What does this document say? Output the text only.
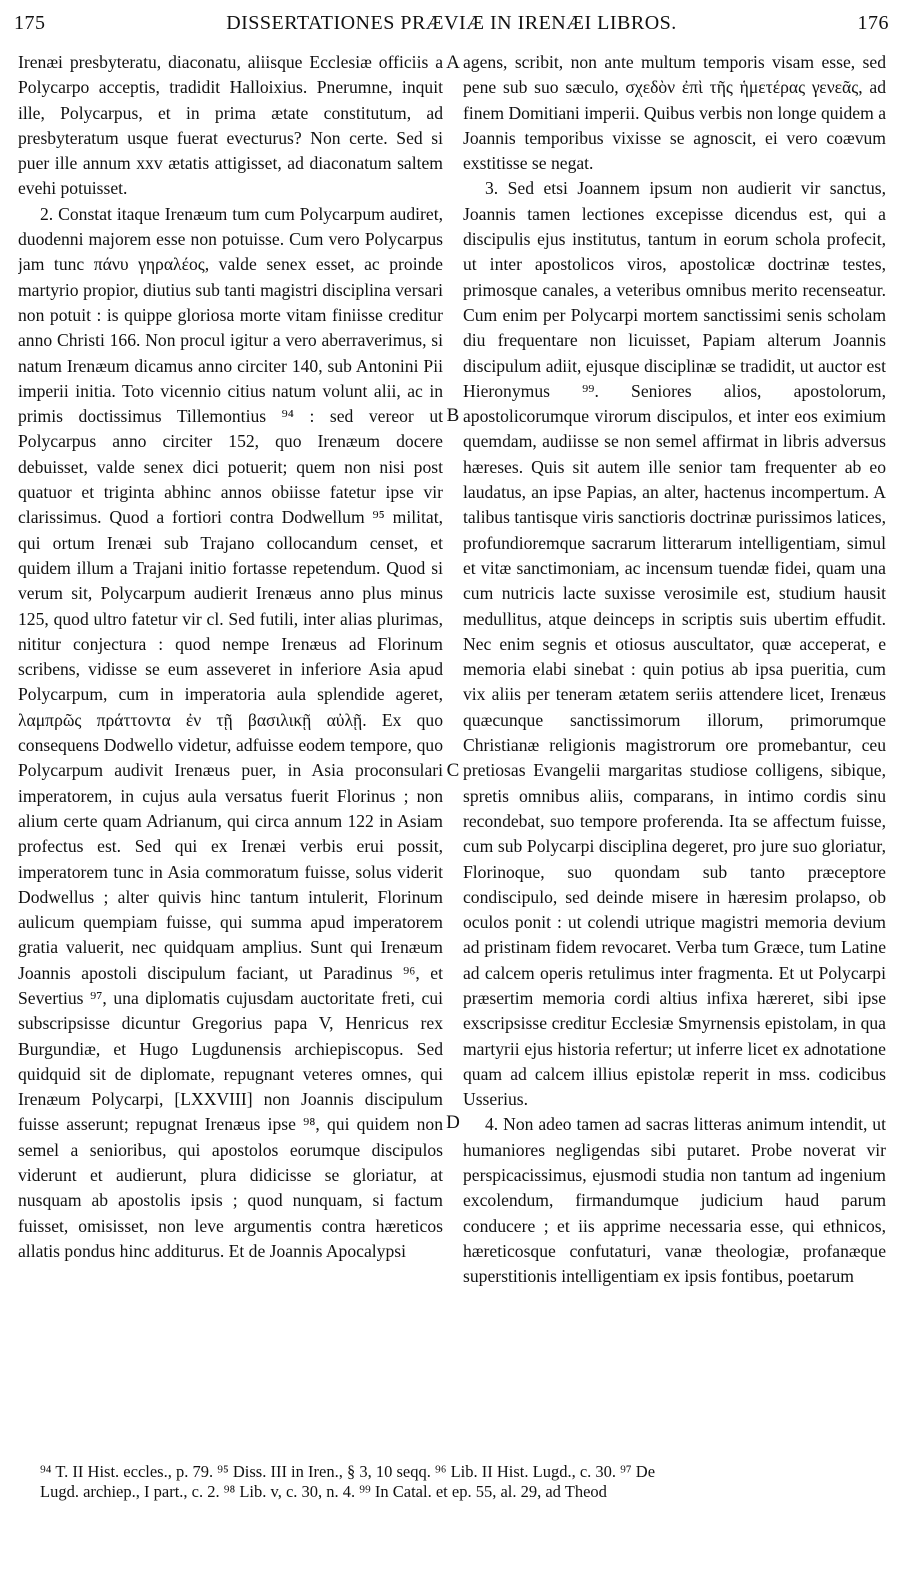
175	DISSERTATIONES PRÆVIÆ IN IRENÆI LIBROS.	176

Irenæi presbyteratu, diaconatu, aliisque Ecclesiæ officiis a Polycarpo acceptis, tradidit Halloixius. Pnerumne, inquit ille, Polycarpus, et in prima ætate constitutum, ad presbyteratum usque fuerat evecturus? Non certe. Sed si puer ille annum xxv ætatis attigisset, ad diaconatum saltem evehi potuisset.

2. Constat itaque Irenæum tum cum Polycarpum audiret, duodenni majorem esse non potuisse. Cum vero Polycarpus jam tunc πάνυ γηραλέος, valde senex esset, ac proinde martyrio propior, diutius sub tanti magistri disciplina versari non potuit : is quippe gloriosa morte vitam finiisse creditur anno Christi 166. Non procul igitur a vero aberraverimus, si natum Irenæum dicamus anno circiter 140, sub Antonini Pii imperii initia. Toto vicennio citius natum volunt alii, ac in primis doctissimus Tillemontius ⁹⁴ : sed vereor ut Polycarpus anno circiter 152, quo Irenæum docere debuisset, valde senex dici potuerit; quem non nisi post quatuor et triginta abhinc annos obiisse fatetur ipse vir clarissimus. Quod a fortiori contra Dodwellum ⁹⁵ militat, qui ortum Irenæi sub Trajano collocandum censet, et quidem illum a Trajani initio fortasse repetendum. Quod si verum sit, Polycarpum audierit Irenæus anno plus minus 125, quod ultro fatetur vir cl. Sed futili, inter alias plurimas, nititur conjectura : quod nempe Irenæus ad Florinum scribens, vidisse se eum asseveret in inferiore Asia apud Polycarpum, cum in imperatoria aula splendide ageret, λαμπρῶς πράττοντα ἐν τῇ βασιλικῇ αὐλῇ. Ex quo consequens Dodwello videtur, adfuisse eodem tempore, quo Polycarpum audivit Irenæus puer, in Asia proconsulari imperatorem, in cujus aula versatus fuerit Florinus ; non alium certe quam Adrianum, qui circa annum 122 in Asiam profectus est. Sed qui ex Irenæi verbis erui possit, imperatorem tunc in Asia commoratum fuisse, solus viderit Dodwellus ; alter quivis hinc tantum intulerit, Florinum aulicum quempiam fuisse, qui summa apud imperatorem gratia valuerit, nec quidquam amplius. Sunt qui Irenæum Joannis apostoli discipulum faciant, ut Paradinus ⁹⁶, et Severtius ⁹⁷, una diplomatis cujusdam auctoritate freti, cui subscripsisse dicuntur Gregorius papa V, Henricus rex Burgundiæ, et Hugo Lugdunensis archiepiscopus. Sed quidquid sit de diplomate, repugnant veteres omnes, qui Irenæum Polycarpi, [LXXVIII] non Joannis discipulum fuisse asserunt; repugnat Irenæus ipse ⁹⁸, qui quidem non semel a senioribus, qui apostolos eorumque discipulos viderunt et audierunt, plura didicisse se gloriatur, at nusquam ab apostolis ipsis ; quod nunquam, si factum fuisset, omisisset, non leve argumentis contra hæreticos allatis pondus hinc additurus. Et de Joannis Apocalypsi

A
B
C
D

agens, scribit, non ante multum temporis visam esse, sed pene sub suo sæculo, σχεδὸν ἐπὶ τῆς ἡμετέρας γενεᾶς, ad finem Domitiani imperii. Quibus verbis non longe quidem a Joannis temporibus vixisse se agnoscit, ei vero coævum exstitisse se negat.

3. Sed etsi Joannem ipsum non audierit vir sanctus, Joannis tamen lectiones excepisse dicendus est, qui a discipulis ejus institutus, tantum in eorum schola profecit, ut inter apostolicos viros, apostolicæ doctrinæ testes, primosque canales, a veteribus omnibus merito recenseatur. Cum enim per Polycarpi mortem sanctissimi senis scholam diu frequentare non licuisset, Papiam alterum Joannis discipulum adiit, ejusque disciplinæ se tradidit, ut auctor est Hieronymus ⁹⁹. Seniores alios, apostolorum, apostolicorumque virorum discipulos, et inter eos eximium quemdam, audiisse se non semel affirmat in libris adversus hæreses. Quis sit autem ille senior tam frequenter ab eo laudatus, an ipse Papias, an alter, hactenus incompertum. A talibus tantisque viris sanctioris doctrinæ purissimos latices, profundioremque sacrarum litterarum intelligentiam, simul et vitæ sanctimoniam, ac incensum tuendæ fidei, quam una cum nutricis lacte suxisse verosimile est, studium hausit medullitus, atque deinceps in scriptis suis ubertim effudit. Nec enim segnis et otiosus auscultator, quæ acceperat, e memoria elabi sinebat : quin potius ab ipsa pueritia, cum vix aliis per teneram ætatem seriis attendere licet, Irenæus quæcunque sanctissimorum illorum, primorumque Christianæ religionis magistrorum ore promebantur, ceu pretiosas Evangelii margaritas studiose colligens, sibique, spretis omnibus aliis, comparans, in intimo cordis sinu recondebat, suo tempore proferenda. Ita se affectum fuisse, cum sub Polycarpi disciplina degeret, pro jure suo gloriatur, Florinoque, suo quondam sub tanto præceptore condiscipulo, sed deinde misere in hæresim prolapso, ob oculos ponit : ut colendi utrique magistri memoria devium ad pristinam fidem revocaret. Verba tum Græce, tum Latine ad calcem operis retulimus inter fragmenta. Et ut Polycarpi præsertim memoria cordi altius infixa hæreret, sibi ipse exscripsisse creditur Ecclesiæ Smyrnensis epistolam, in qua martyrii ejus historia refertur; ut inferre licet ex adnotatione quam ad calcem illius epistolæ reperit in mss. codicibus Usserius.

4. Non adeo tamen ad sacras litteras animum intendit, ut humaniores negligendas sibi putaret. Probe noverat vir perspicacissimus, ejusmodi studia non tantum ad ingenium excolendum, firmandumque judicium haud parum conducere ; et iis apprime necessaria esse, qui ethnicos, hæreticosque confutaturi, vanæ theologiæ, profanæque superstitionis intelligentiam ex ipsis fontibus, poetarum

⁹⁴ T. II Hist. eccles., p. 79. ⁹⁵ Diss. III in Iren., § 3, 10 seqq. ⁹⁶ Lib. II Hist. Lugd., c. 30. ⁹⁷ De
Lugd. archiep., I part., c. 2. ⁹⁸ Lib. v, c. 30, n. 4. ⁹⁹ In Catal. et ep. 55, al. 29, ad Theod
